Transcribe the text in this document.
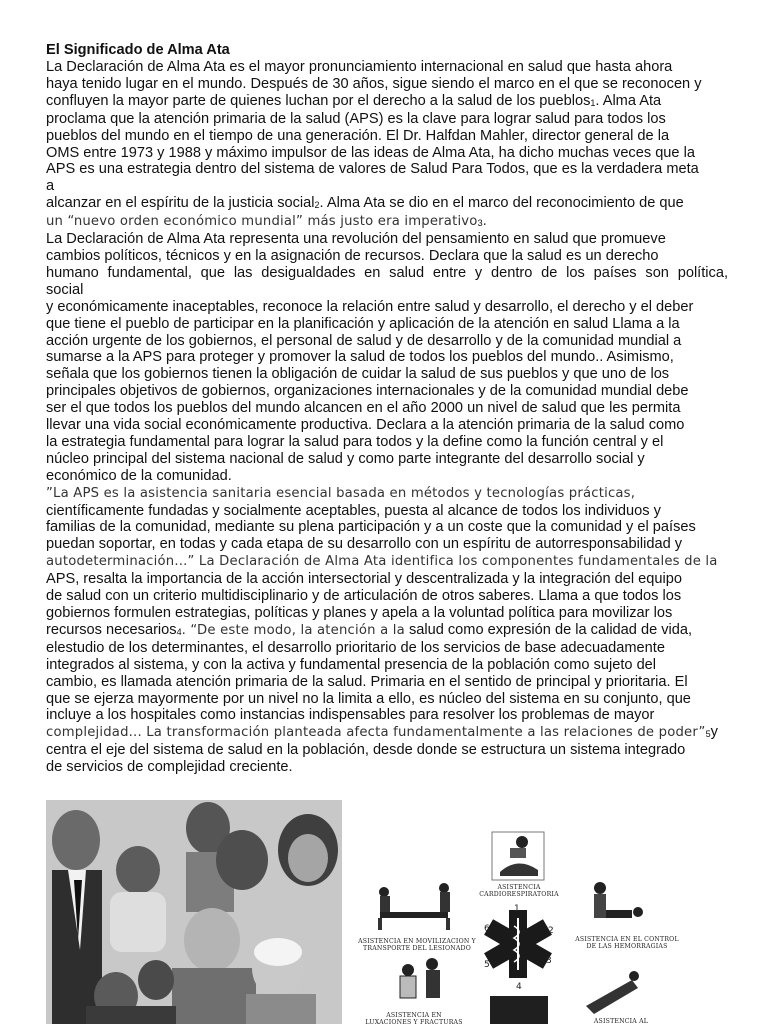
El Significado de Alma Ata
La Declaración de Alma Ata es el mayor pronunciamiento internacional en salud que hasta ahora
haya tenido lugar en el mundo. Después de 30 años, sigue siendo el marco en el que se reconocen y
confluyen la mayor parte de quienes luchan por el derecho a la salud de los pueblos$_1$. Alma Ata
proclama que la atención primaria de la salud (APS) es la clave para lograr salud para todos los
pueblos del mundo en el tiempo de una generación. El Dr. Halfdan Mahler, director general de la
OMS entre 1973 y 1988 y máximo impulsor de las ideas de Alma Ata, ha dicho muchas veces que la
APS es una estrategia dentro del sistema de valores de Salud Para Todos, que es la verdadera meta
a
alcanzar en el espíritu de la justicia social$_2$. Alma Ata se dio en el marco del reconocimiento de que
un “nuevo orden económico mundial” más justo era imperativo$_3$.
La Declaración de Alma Ata representa una revolución del pensamiento en salud que promueve
cambios políticos, técnicos y en la asignación de recursos. Declara que la salud es un derecho
humano fundamental, que las desigualdades en salud entre y dentro de los países son política,
social
y económicamente inaceptables, reconoce la relación entre salud y desarrollo, el derecho y el deber
que tiene el pueblo de participar en la planificación y aplicación de la atención en salud Llama a la
acción urgente de los gobiernos, el personal de salud y de desarrollo y de la comunidad mundial a
sumarse a la APS para proteger y promover la salud de todos los pueblos del mundo.. Asimismo,
señala que los gobiernos tienen la obligación de cuidar la salud de sus pueblos y que uno de los
principales objetivos de gobiernos, organizaciones internacionales y de la comunidad mundial debe
ser el que todos los pueblos del mundo alcancen en el año 2000 un nivel de salud que les permita
llevar una vida social económicamente productiva. Declara a la atención primaria de la salud como
la estrategia fundamental para lograr la salud para todos y la define como la función central y el
núcleo principal del sistema nacional de salud y como parte integrante del desarrollo social y
económico de la comunidad.
”La APS es la asistencia sanitaria esencial basada en métodos y tecnologías prácticas,
científicamente fundadas y socialmente aceptables, puesta al alcance de todos los individuos y
familias de la comunidad, mediante su plena participación y a un coste que la comunidad y el países
puedan soportar, en todas y cada etapa de su desarrollo con un espíritu de autorresponsabilidad y
autodeterminación...” La Declaración de Alma Ata identifica los componentes fundamentales de la
APS, resalta la importancia de la acción intersectorial y descentralizada y la integración del equipo
de salud con un criterio multidisciplinario y de articulación de otros saberes. Llama a que todos los
gobiernos formulen estrategias, políticas y planes y apela a la voluntad política para movilizar los
recursos necesarios$_4$. “De este modo, la atención a la salud como expresión de la calidad de vida,
elestudio de los determinantes, el desarrollo prioritario de los servicios de base adecuadamente
integrados al sistema, y con la activa y fundamental presencia de la población como sujeto del
cambio, es llamada atención primaria de la salud. Primaria en el sentido de principal y prioritaria. El
que se ejerza mayormente por un nivel no la limita a ello, es núcleo del sistema en su conjunto, que
incluye a los hospitales como instancias indispensables para resolver los problemas de mayor
complejidad... La transformación planteada afecta fundamentalmente a las relaciones de $poder”_5y$
centra el eje del sistema de salud en la población, desde donde se estructura un sistema integrado
de servicios de complejidad creciente.
ASISTENCIA CARDIORESPIRATORIA
ASISTENCIA EN MOVILIZACION Y TRANSPORTE DEL LESIONADO
ASISTENCIA EN EL CONTROL DE LAS HEMORRAGIAS
ASISTENCIA EN LUXACIONES Y FRACTURAS	ASISTENCIA AL
1
2
3
4
5
6
